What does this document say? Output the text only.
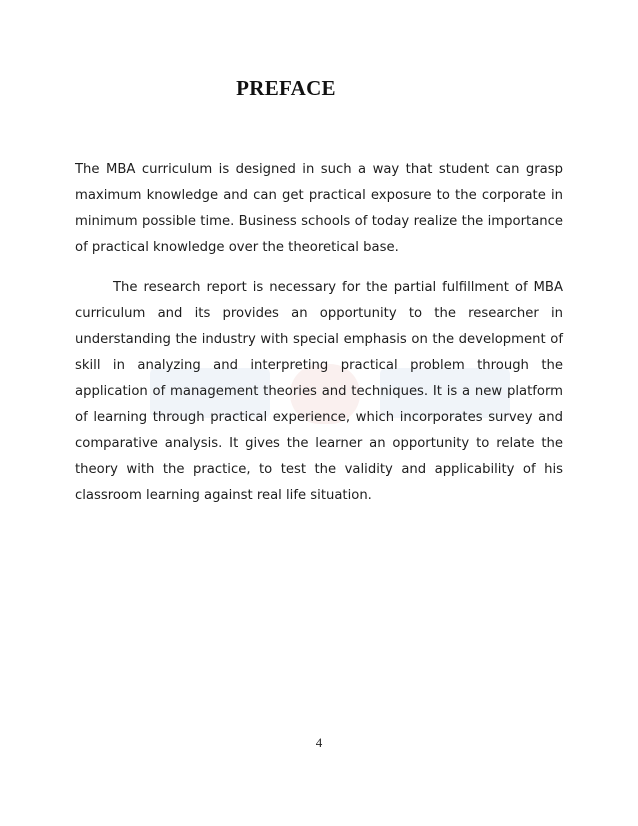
PREFACE

The MBA curriculum is designed in such a way that student can grasp maximum knowledge and can get practical exposure to the corporate in minimum possible time. Business schools of today realize the importance of practical knowledge over the theoretical base.

The research report is necessary for the partial fulfillment of MBA curriculum and its provides an opportunity to the researcher in understanding the industry with special emphasis on the development of skill in analyzing and interpreting practical problem through the application of management theories and techniques. It is a new platform of learning through practical experience, which incorporates survey and comparative analysis. It gives the learner an opportunity to relate the theory with the practice, to test the validity and applicability of his classroom learning against real life situation.

4
